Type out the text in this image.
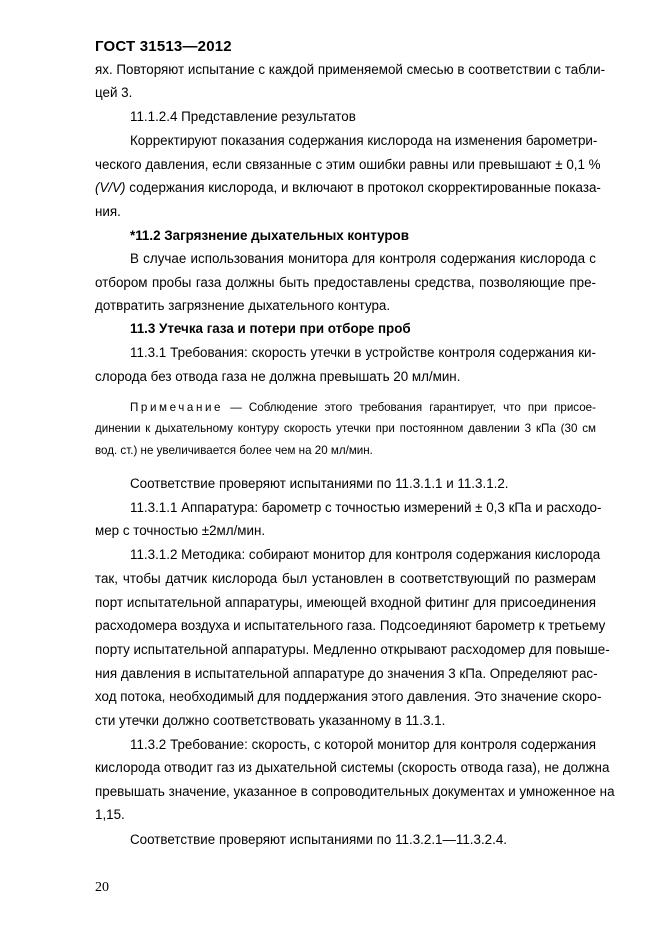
ГОСТ 31513—2012
ях. Повторяют испытание с каждой применяемой смесью в соответствии с табли-
цей 3.
11.1.2.4 Представление результатов
Корректируют показания содержания кислорода на изменения барометри-
ческого давления, если связанные с этим ошибки равны или превышают ± 0,1 %
(V/V) содержания кислорода, и включают в протокол скорректированные показа-
ния.
*11.2 Загрязнение дыхательных контуров
В случае использования монитора для контроля содержания кислорода с
отбором пробы газа должны быть предоставлены средства, позволяющие пре-
дотвратить загрязнение дыхательного контура.
11.3 Утечка газа и потери при отборе проб
11.3.1 Требования: скорость утечки в устройстве контроля содержания ки-
слорода без отвода газа не должна превышать 20 мл/мин.
Примечание — Соблюдение этого требования гарантирует, что при присое-
динении к дыхательному контуру скорость утечки при постоянном давлении 3 кПа (30 см
вод. ст.) не увеличивается более чем на 20 мл/мин.
Соответствие проверяют испытаниями по 11.3.1.1 и 11.3.1.2.
11.3.1.1 Аппаратура: барометр с точностью измерений ± 0,3 кПа и расходо-
мер с точностью ±2мл/мин.
11.3.1.2 Методика: собирают монитор для контроля содержания кислорода
так, чтобы датчик кислорода был установлен в соответствующий по размерам
порт испытательной аппаратуры, имеющей входной фитинг для присоединения
расходомера воздуха и испытательного газа. Подсоединяют барометр к третьему
порту испытательной аппаратуры. Медленно открывают расходомер для повыше-
ния давления в испытательной аппаратуре до значения 3 кПа. Определяют рас-
ход потока, необходимый для поддержания этого давления. Это значение скоро-
сти утечки должно соответствовать указанному в 11.3.1.
11.3.2 Требование: скорость, с которой монитор для контроля содержания
кислорода отводит газ из дыхательной системы (скорость отвода газа), не должна
превышать значение, указанное в сопроводительных документах и умноженное на
1,15.
Соответствие проверяют испытаниями по 11.3.2.1—11.3.2.4.
20
